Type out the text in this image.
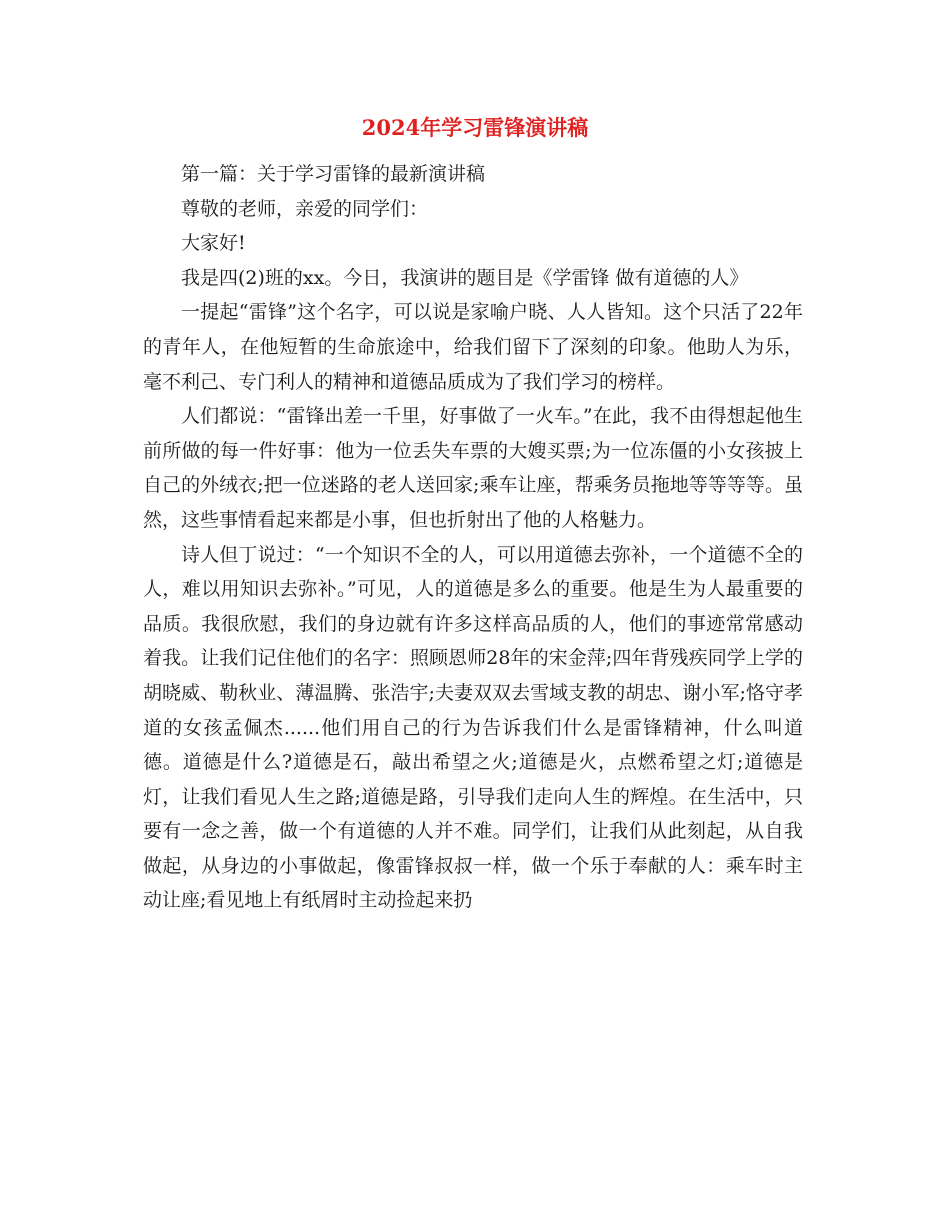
2024年学习雷锋演讲稿

第一篇：关于学习雷锋的最新演讲稿

尊敬的老师，亲爱的同学们：

大家好!

我是四(2)班的xx。今日，我演讲的题目是《学雷锋 做有道德的人》

一提起“雷锋”这个名字，可以说是家喻户晓、人人皆知。这个只活了22年的青年人，在他短暂的生命旅途中，给我们留下了深刻的印象。他助人为乐，毫不利己、专门利人的精神和道德品质成为了我们学习的榜样。

人们都说：“雷锋出差一千里，好事做了一火车。”在此，我不由得想起他生前所做的每一件好事：他为一位丢失车票的大嫂买票;为一位冻僵的小女孩披上自己的外绒衣;把一位迷路的老人送回家;乘车让座，帮乘务员拖地等等等等。虽然，这些事情看起来都是小事，但也折射出了他的人格魅力。

诗人但丁说过：“一个知识不全的人，可以用道德去弥补，一个道德不全的人，难以用知识去弥补。”可见，人的道德是多么的重要。他是生为人最重要的品质。我很欣慰，我们的身边就有许多这样高品质的人，他们的事迹常常感动着我。让我们记住他们的名字：照顾恩师28年的宋金萍;四年背残疾同学上学的胡晓威、勒秋业、薄温腾、张浩宇;夫妻双双去雪域支教的胡忠、谢小军;恪守孝道的女孩孟佩杰......他们用自己的行为告诉我们什么是雷锋精神，什么叫道德。道德是什么?道德是石，敲出希望之火;道德是火，点燃希望之灯;道德是灯，让我们看见人生之路;道德是路，引导我们走向人生的辉煌。在生活中，只要有一念之善，做一个有道德的人并不难。同学们，让我们从此刻起，从自我做起，从身边的小事做起，像雷锋叔叔一样，做一个乐于奉献的人：乘车时主动让座;看见地上有纸屑时主动捡起来扔
